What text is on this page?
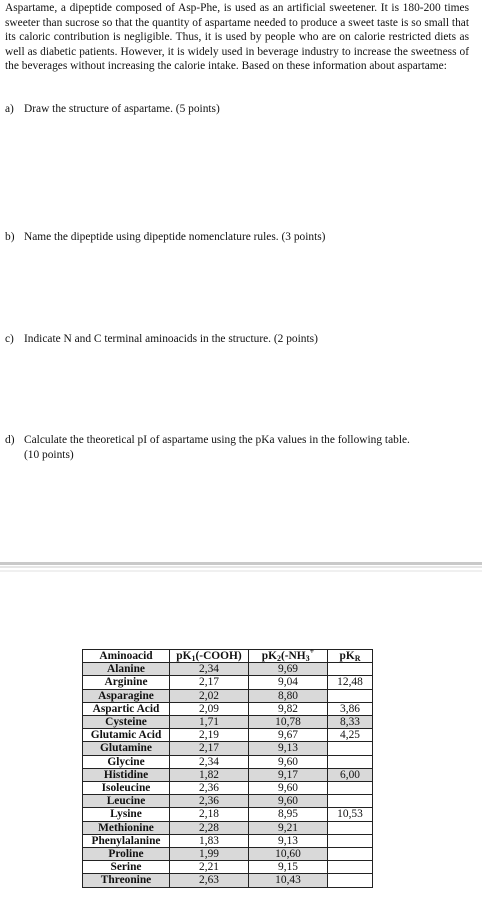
Aspartame, a dipeptide composed of Asp-Phe, is used as an artificial sweetener. It is 180-200 times sweeter than sucrose so that the quantity of aspartame needed to produce a sweet taste is so small that its caloric contribution is negligible. Thus, it is used by people who are on calorie restricted diets as well as diabetic patients. However, it is widely used in beverage industry to increase the sweetness of the beverages without increasing the calorie intake. Based on these information about aspartame:

a) Draw the structure of aspartame. (5 points)

b) Name the dipeptide using dipeptide nomenclature rules. (3 points)

c) Indicate N and C terminal aminoacids in the structure. (2 points)

d) Calculate the theoretical pI of aspartame using the pKa values in the following table.
(10 points)

Aminoacid	$pK_1(-COOH)$	$pK_2(-NH_3^+$	$pK_R$
Alanine	2,34	9,69	
Arginine	2,17	9,04	12,48
Asparagine	2,02	8,80	
Aspartic Acid	2,09	9,82	3,86
Cysteine	1,71	10,78	8,33
Glutamic Acid	2,19	9,67	4,25
Glutamine	2,17	9,13	
Glycine	2,34	9,60	
Histidine	1,82	9,17	6,00
Isoleucine	2,36	9,60	
Leucine	2,36	9,60	
Lysine	2,18	8,95	10,53
Methionine	2,28	9,21	
Phenylalanine	1,83	9,13	
Proline	1,99	10,60	
Serine	2,21	9,15	
Threonine	2,63	10,43	
